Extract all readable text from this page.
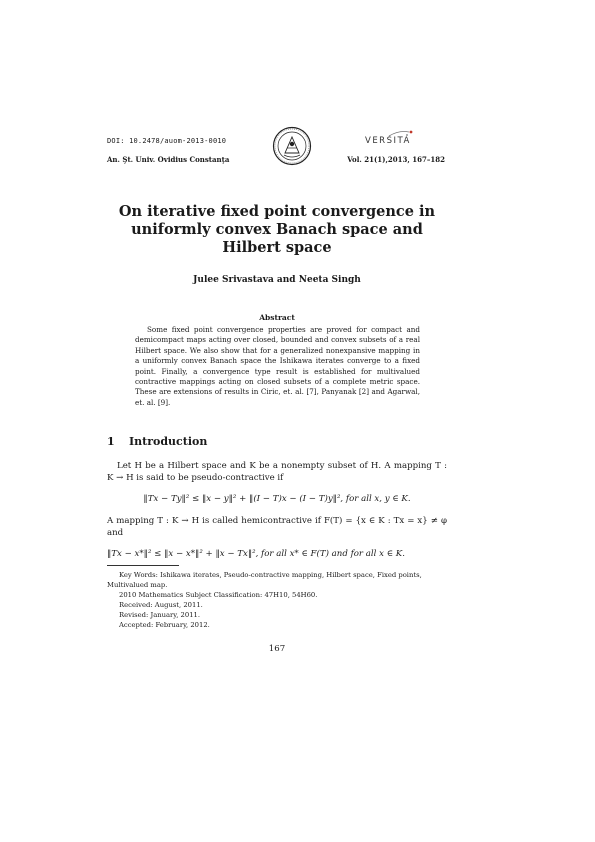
DOI: 10.2478/auom-2013-0010
An. Şt. Univ. Ovidius Constanţa	Vol. 21(1),2013, 167–182
VERSITA
On iterative fixed point convergence in uniformly convex Banach space and Hilbert space
Julee Srivastava and Neeta Singh
Abstract
Some fixed point convergence properties are proved for compact and demicompact maps acting over closed, bounded and convex subsets of a real Hilbert space. We also show that for a generalized nonexpansive mapping in a uniformly convex Banach space the Ishikawa iterates converge to a fixed point. Finally, a convergence type result is established for multivalued contractive mappings acting on closed subsets of a complete metric space. These are extensions of results in Ciric, et. al. [7], Panyanak [2] and Agarwal, et. al. [9].
1 Introduction
Let H be a Hilbert space and K be a nonempty subset of H. A mapping T : K → H is said to be pseudo-contractive if
‖Tx − Ty‖² ≤ ‖x − y‖² + ‖(I − T)x − (I − T)y‖², for all x, y ∈ K.
A mapping T : K → H is called hemicontractive if F(T) = {x ∈ K : Tx = x} ≠ φ and
‖Tx − x*‖² ≤ ‖x − x*‖² + ‖x − Tx‖², for all x* ∈ F(T) and for all x ∈ K.
Key Words: Ishikawa iterates, Pseudo-contractive mapping, Hilbert space, Fixed points, Multivalued map.
2010 Mathematics Subject Classification: 47H10, 54H60.
Received: August, 2011.
Revised: January, 2011.
Accepted: February, 2012.
167
